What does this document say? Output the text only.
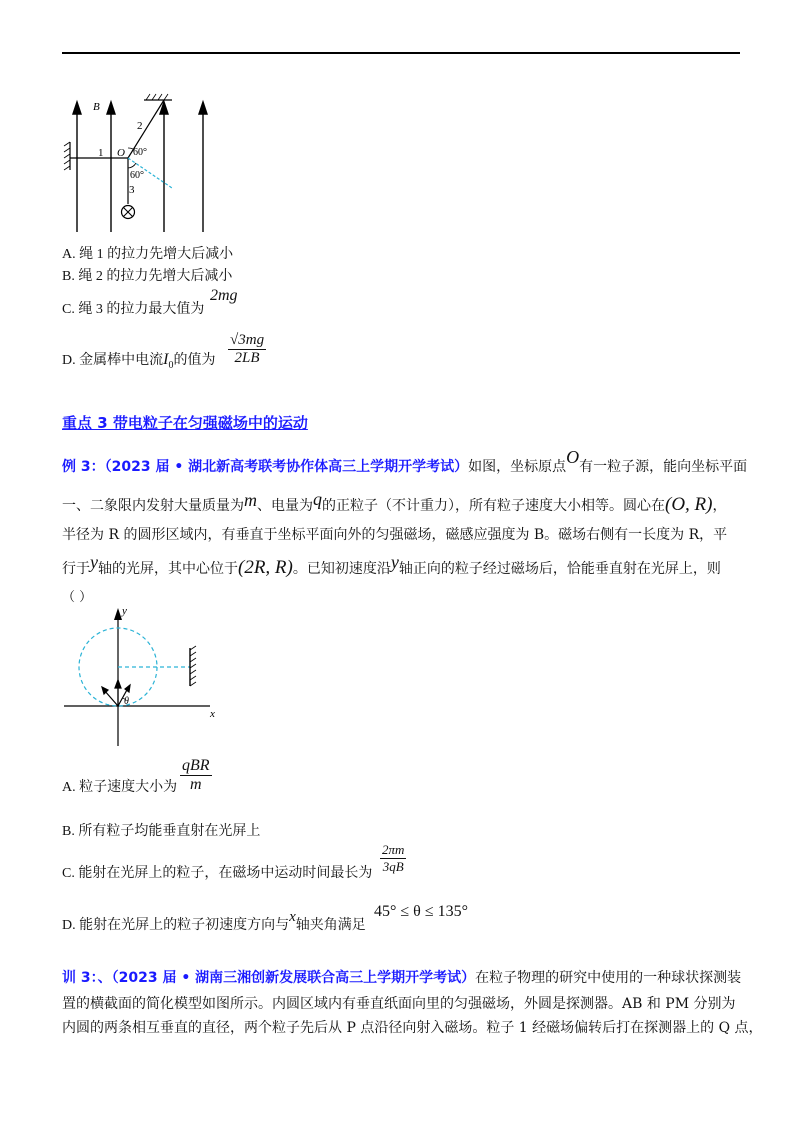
B
1
2
3
O 60°
60°
A. 绳 1 的拉力先增大后减小
B. 绳 2 的拉力先增大后减小
C. 绳 3 的拉力最大值为
2mg
D. 金属棒中电流$I_0$的值为 $\frac{√3mg}{2LB}$
重点 3 带电粒子在匀强磁场中的运动
例 3：（2023 届 • 湖北新高考联考协作体高三上学期开学考试）如图，坐标原点O有一粒子源，能向坐标平面
一、二象限内发射大量质量为m、电量为q的正粒子（不计重力），所有粒子速度大小相等。圆心在(O, R)，
半径为 R 的圆形区域内，有垂直于坐标平面向外的匀强磁场，磁感应强度为 B。磁场右侧有一长度为 R，平
行于y轴的光屏，其中心位于(2R, R)。已知初速度沿y轴正向的粒子经过磁场后，恰能垂直射在光屏上，则
（ ）
y
x
θ
A. 粒子速度大小为
qBR
m
B. 所有粒子均能垂直射在光屏上
C. 能射在光屏上的粒子，在磁场中运动时间最长为 $\frac{2\pi m}{3qB}$
D. 能射在光屏上的粒子初速度方向与x轴夹角满足
45° ≤ θ ≤ 135°
训 3：、（2023 届 • 湖南三湘创新发展联合高三上学期开学考试）在粒子物理的研究中使用的一种球状探测装
置的横截面的简化模型如图所示。内圆区域内有垂直纸面向里的匀强磁场，外圆是探测器。AB 和 PM 分别为
内圆的两条相互垂直的直径，两个粒子先后从 P 点沿径向射入磁场。粒子 1 经磁场偏转后打在探测器上的 Q 点，
